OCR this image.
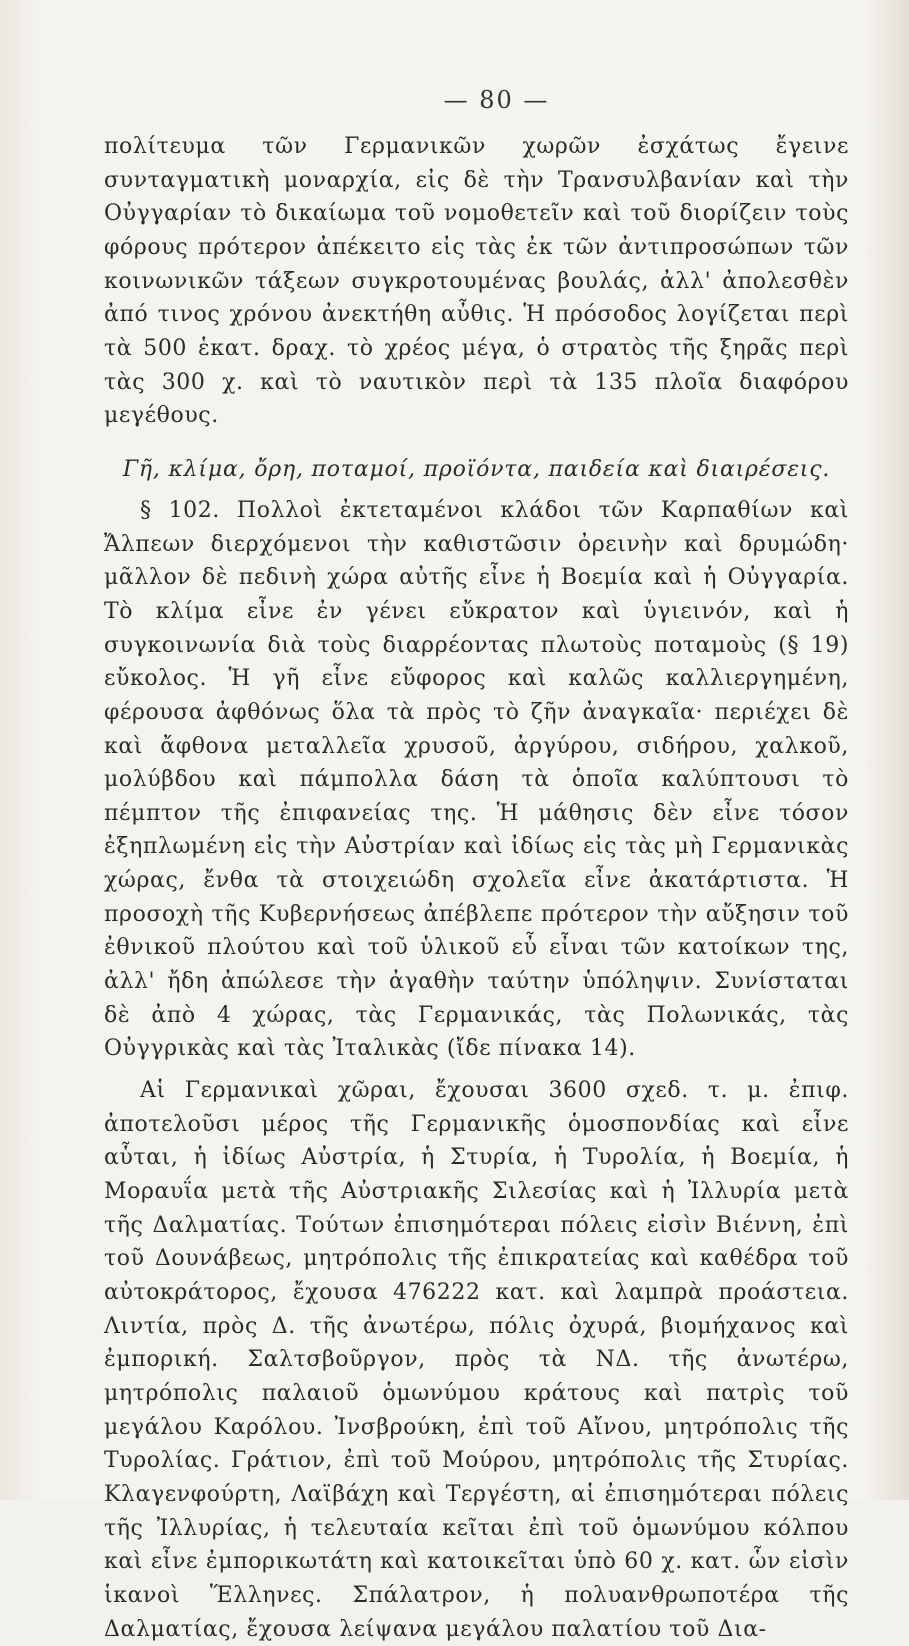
— 80 —

πολίτευμα τῶν Γερμανικῶν χωρῶν ἐσχάτως ἔγεινε συνταγματικὴ μοναρχία, εἰς δὲ τὴν Τρανσυλβανίαν καὶ τὴν Οὐγγαρίαν τὸ δικαίωμα τοῦ νομοθετεῖν καὶ τοῦ διορίζειν τοὺς φόρους πρότερον ἀπέκειτο εἰς τὰς ἐκ τῶν ἀντιπροσώπων τῶν κοινωνικῶν τάξεων συγκροτουμένας βουλάς, ἀλλ' ἀπολεσθὲν ἀπό τινος χρόνου ἀνεκτήθη αὖθις. Ἡ πρόσοδος λογίζεται περὶ τὰ 500 ἑκατ. δραχ. τὸ χρέος μέγα, ὁ στρατὸς τῆς ξηρᾶς περὶ τὰς 300 χ. καὶ τὸ ναυτικὸν περὶ τὰ 135 πλοῖα διαφόρου μεγέθους.

Γῆ, κλίμα, ὄρη, ποταμοί, προϊόντα, παιδεία καὶ διαιρέσεις.

§ 102. Πολλοὶ ἐκτεταμένοι κλάδοι τῶν Καρπαθίων καὶ Ἄλπεων διερχόμενοι τὴν καθιστῶσιν ὀρεινὴν καὶ δρυμώδη· μᾶλλον δὲ πεδινὴ χώρα αὐτῆς εἶνε ἡ Βοεμία καὶ ἡ Οὐγγαρία. Τὸ κλίμα εἶνε ἐν γένει εὔκρατον καὶ ὑγιεινόν, καὶ ἡ συγκοινωνία διὰ τοὺς διαρρέοντας πλωτοὺς ποταμοὺς (§ 19) εὔκολος. Ἡ γῆ εἶνε εὔφορος καὶ καλῶς καλλιεργημένη, φέρουσα ἀφθόνως ὅλα τὰ πρὸς τὸ ζῆν ἀναγκαῖα· περιέχει δὲ καὶ ἄφθονα μεταλλεῖα χρυσοῦ, ἀργύρου, σιδήρου, χαλκοῦ, μολύβδου καὶ πάμπολλα δάση τὰ ὁποῖα καλύπτουσι τὸ πέμπτον τῆς ἐπιφανείας της. Ἡ μάθησις δὲν εἶνε τόσον ἐξηπλωμένη εἰς τὴν Αὐστρίαν καὶ ἰδίως εἰς τὰς μὴ Γερμανικὰς χώρας, ἔνθα τὰ στοιχειώδη σχολεῖα εἶνε ἀκατάρτιστα. Ἡ προσοχὴ τῆς Κυβερνήσεως ἀπέβλεπε πρότερον τὴν αὔξησιν τοῦ ἐθνικοῦ πλούτου καὶ τοῦ ὑλικοῦ εὖ εἶναι τῶν κατοίκων της, ἀλλ' ἤδη ἀπώλεσε τὴν ἀγαθὴν ταύτην ὑπόληψιν. Συνίσταται δὲ ἀπὸ 4 χώρας, τὰς Γερμανικάς, τὰς Πολωνικάς, τὰς Οὐγγρικὰς καὶ τὰς Ἰταλικὰς (ἴδε πίνακα 14).

Αἱ Γερμανικαὶ χῶραι, ἔχουσαι 3600 σχεδ. τ. μ. ἐπιφ. ἀποτελοῦσι μέρος τῆς Γερμανικῆς ὁμοσπονδίας καὶ εἶνε αὗται, ἡ ἰδίως Αὐστρία, ἡ Στυρία, ἡ Τυρολία, ἡ Βοεμία, ἡ Μοραυΐα μετὰ τῆς Αὐστριακῆς Σιλεσίας καὶ ἡ Ἰλλυρία μετὰ τῆς Δαλματίας. Τούτων ἐπισημότεραι πόλεις εἰσὶν Βιέννη, ἐπὶ τοῦ Δουνάβεως, μητρόπολις τῆς ἐπικρατείας καὶ καθέδρα τοῦ αὐτοκράτορος, ἔχουσα 476222 κατ. καὶ λαμπρὰ προάστεια. Λιντία, πρὸς Δ. τῆς ἀνωτέρω, πόλις ὀχυρά, βιομήχανος καὶ ἐμπορική. Σαλτσβοῦργον, πρὸς τὰ ΝΔ. τῆς ἀνωτέρω, μητρόπολις παλαιοῦ ὁμωνύμου κράτους καὶ πατρὶς τοῦ μεγάλου Καρόλου. Ἰνσβρούκη, ἐπὶ τοῦ Αἴνου, μητρόπολις τῆς Τυρολίας. Γράτιον, ἐπὶ τοῦ Μούρου, μητρόπολις τῆς Στυρίας. Κλαγενφούρτη, Λαϊβάχη καὶ Τεργέστη, αἱ ἐπισημότεραι πόλεις τῆς Ἰλλυρίας, ἡ τελευταία κεῖται ἐπὶ τοῦ ὁμωνύμου κόλπου καὶ εἶνε ἐμπορικωτάτη καὶ κατοικεῖται ὑπὸ 60 χ. κατ. ὧν εἰσὶν ἱκανοὶ Ἕλληνες. Σπάλατρον, ἡ πολυανθρωποτέρα τῆς Δαλματίας, ἔχουσα λείψανα μεγάλου παλατίου τοῦ Δια-
